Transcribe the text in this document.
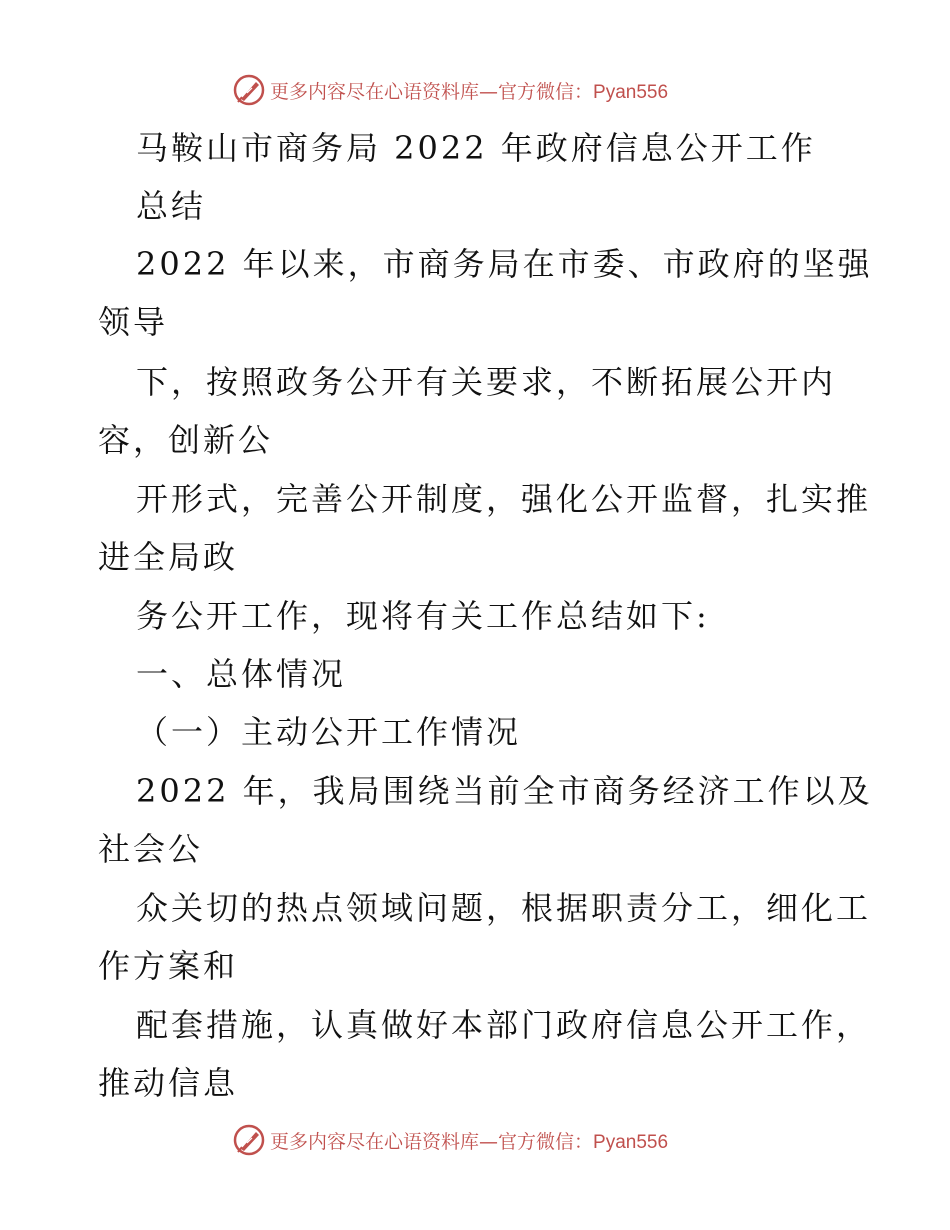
更多内容尽在心语资料库—官方微信：Pyan556
马鞍山市商务局 2022 年政府信息公开工作
总结
2022 年以来，市商务局在市委、市政府的坚强
领导
下，按照政务公开有关要求，不断拓展公开内
容，创新公
开形式，完善公开制度，强化公开监督，扎实推
进全局政
务公开工作，现将有关工作总结如下:
一、总体情况
（一）主动公开工作情况
2022 年，我局围绕当前全市商务经济工作以及
社会公
众关切的热点领域问题，根据职责分工，细化工
作方案和
配套措施，认真做好本部门政府信息公开工作，
推动信息
更多内容尽在心语资料库—官方微信：Pyan556
